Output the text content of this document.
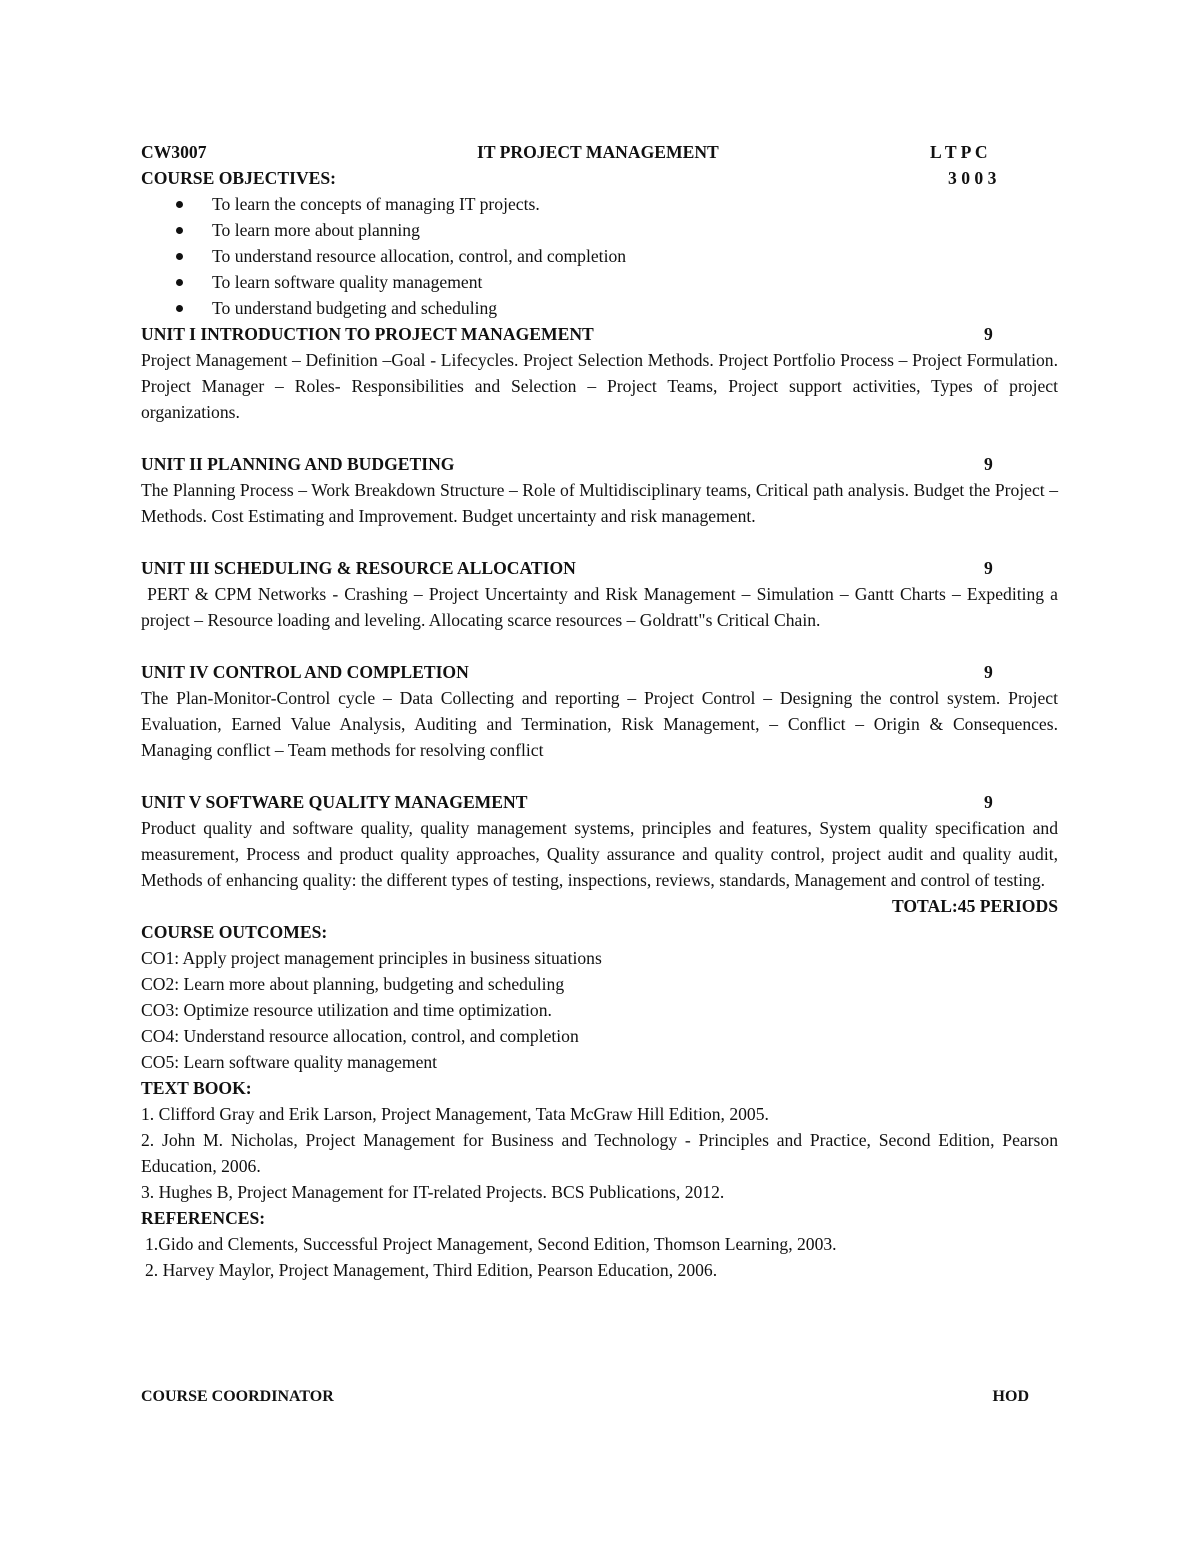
CW3007	IT PROJECT MANAGEMENT	L T P C
COURSE OBJECTIVES:	3 0 0 3
To learn the concepts of managing IT projects.
To learn more about planning
To understand resource allocation, control, and completion
To learn software quality management
To understand budgeting and scheduling
UNIT I INTRODUCTION TO PROJECT MANAGEMENT	9

Project Management – Definition –Goal - Lifecycles. Project Selection Methods. Project Portfolio Process – Project Formulation. Project Manager – Roles- Responsibilities and Selection – Project Teams, Project support activities, Types of project organizations.

UNIT II PLANNING AND BUDGETING	9

The Planning Process – Work Breakdown Structure – Role of Multidisciplinary teams, Critical path analysis. Budget the Project – Methods. Cost Estimating and Improvement. Budget uncertainty and risk management.

UNIT III SCHEDULING & RESOURCE ALLOCATION	9

PERT & CPM Networks - Crashing – Project Uncertainty and Risk Management – Simulation – Gantt Charts – Expediting a project – Resource loading and leveling. Allocating scarce resources – Goldratt"s Critical Chain.

UNIT IV CONTROL AND COMPLETION	9

The Plan-Monitor-Control cycle – Data Collecting and reporting – Project Control – Designing the control system. Project Evaluation, Earned Value Analysis, Auditing and Termination, Risk Management, – Conflict – Origin & Consequences. Managing conflict – Team methods for resolving conflict

UNIT V SOFTWARE QUALITY MANAGEMENT	9

Product quality and software quality, quality management systems, principles and features, System quality specification and measurement, Process and product quality approaches, Quality assurance and quality control, project audit and quality audit, Methods of enhancing quality: the different types of testing, inspections, reviews, standards, Management and control of testing.

TOTAL:45 PERIODS
COURSE OUTCOMES:
CO1: Apply project management principles in business situations
CO2: Learn more about planning, budgeting and scheduling
CO3: Optimize resource utilization and time optimization.
CO4: Understand resource allocation, control, and completion
CO5: Learn software quality management
TEXT BOOK:

1. Clifford Gray and Erik Larson, Project Management, Tata McGraw Hill Edition, 2005.

2. John M. Nicholas, Project Management for Business and Technology - Principles and Practice, Second Edition, Pearson Education, 2006.

3. Hughes B, Project Management for IT-related Projects. BCS Publications, 2012.

REFERENCES:
1.Gido and Clements, Successful Project Management, Second Edition, Thomson Learning, 2003.
2. Harvey Maylor, Project Management, Third Edition, Pearson Education, 2006.
COURSE COORDINATOR	HOD
